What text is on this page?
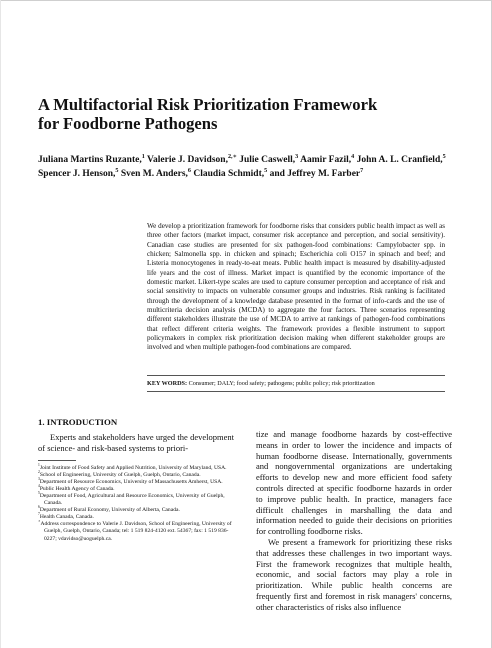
A Multifactorial Risk Prioritization Framework
for Foodborne Pathogens

Juliana Martins Ruzante,$^1$ Valerie J. Davidson,$^{2,∗}$ Julie Caswell,$^3$ Aamir Fazil,$^4$ John A. L. Cranfield,$^5$ Spencer J. Henson,$^5$ Sven M. Anders,$^6$ Claudia Schmidt,$^5$ and Jeffrey M. Farber$^7$

We develop a prioritization framework for foodborne risks that considers public health impact as well as three other factors (market impact, consumer risk acceptance and perception, and social sensitivity). Canadian case studies are presented for six pathogen-food combinations: Campylobacter spp. in chicken; Salmonella spp. in chicken and spinach; Escherichia coli O157 in spinach and beef; and Listeria monocytogenes in ready-to-eat meats. Public health impact is measured by disability-adjusted life years and the cost of illness. Market impact is quantified by the economic importance of the domestic market. Likert-type scales are used to capture consumer perception and acceptance of risk and social sensitivity to impacts on vulnerable consumer groups and industries. Risk ranking is facilitated through the development of a knowledge database presented in the format of info-cards and the use of multicriteria decision analysis (MCDA) to aggregate the four factors. Three scenarios representing different stakeholders illustrate the use of MCDA to arrive at rankings of pathogen-food combinations that reflect different criteria weights. The framework provides a flexible instrument to support policymakers in complex risk prioritization decision making when different stakeholder groups are involved and when multiple pathogen-food combinations are compared.

KEY WORDS: Consumer; DALY; food safety; pathogens; public policy; risk prioritization

1. INTRODUCTION

Experts and stakeholders have urged the development of science- and risk-based systems to priori-

$^1$Joint Institute of Food Safety and Applied Nutrition, University of Maryland, USA.

$^2$School of Engineering, University of Guelph, Guelph, Ontario, Canada.

$^3$Department of Resource Economics, University of Massachusetts Amherst, USA.

$^4$Public Health Agency of Canada.

$^5$Department of Food, Agricultural and Resource Economics, University of Guelph, Canada.

$^6$Department of Rural Economy, University of Alberta, Canada.

$^7$Health Canada, Canada.

∗Address correspondence to Valerie J. Davidson, School of Engineering, University of Guelph, Guelph, Ontario, Canada; tel: 1 519 824-4120 ext. 54367; fax: 1 519 836-0227; vdavidso@uoguelph.ca.

tize and manage foodborne hazards by cost-effective means in order to lower the incidence and impacts of human foodborne disease. Internationally, governments and nongovernmental organizations are undertaking efforts to develop new and more efficient food safety controls directed at specific foodborne hazards in order to improve public health. In practice, managers face difficult challenges in marshalling the data and information needed to guide their decisions on priorities for controlling foodborne risks.

We present a framework for prioritizing these risks that addresses these challenges in two important ways. First the framework recognizes that multiple health, economic, and social factors may play a role in prioritization. While public health concerns are frequently first and foremost in risk managers' concerns, other characteristics of risks also influence
